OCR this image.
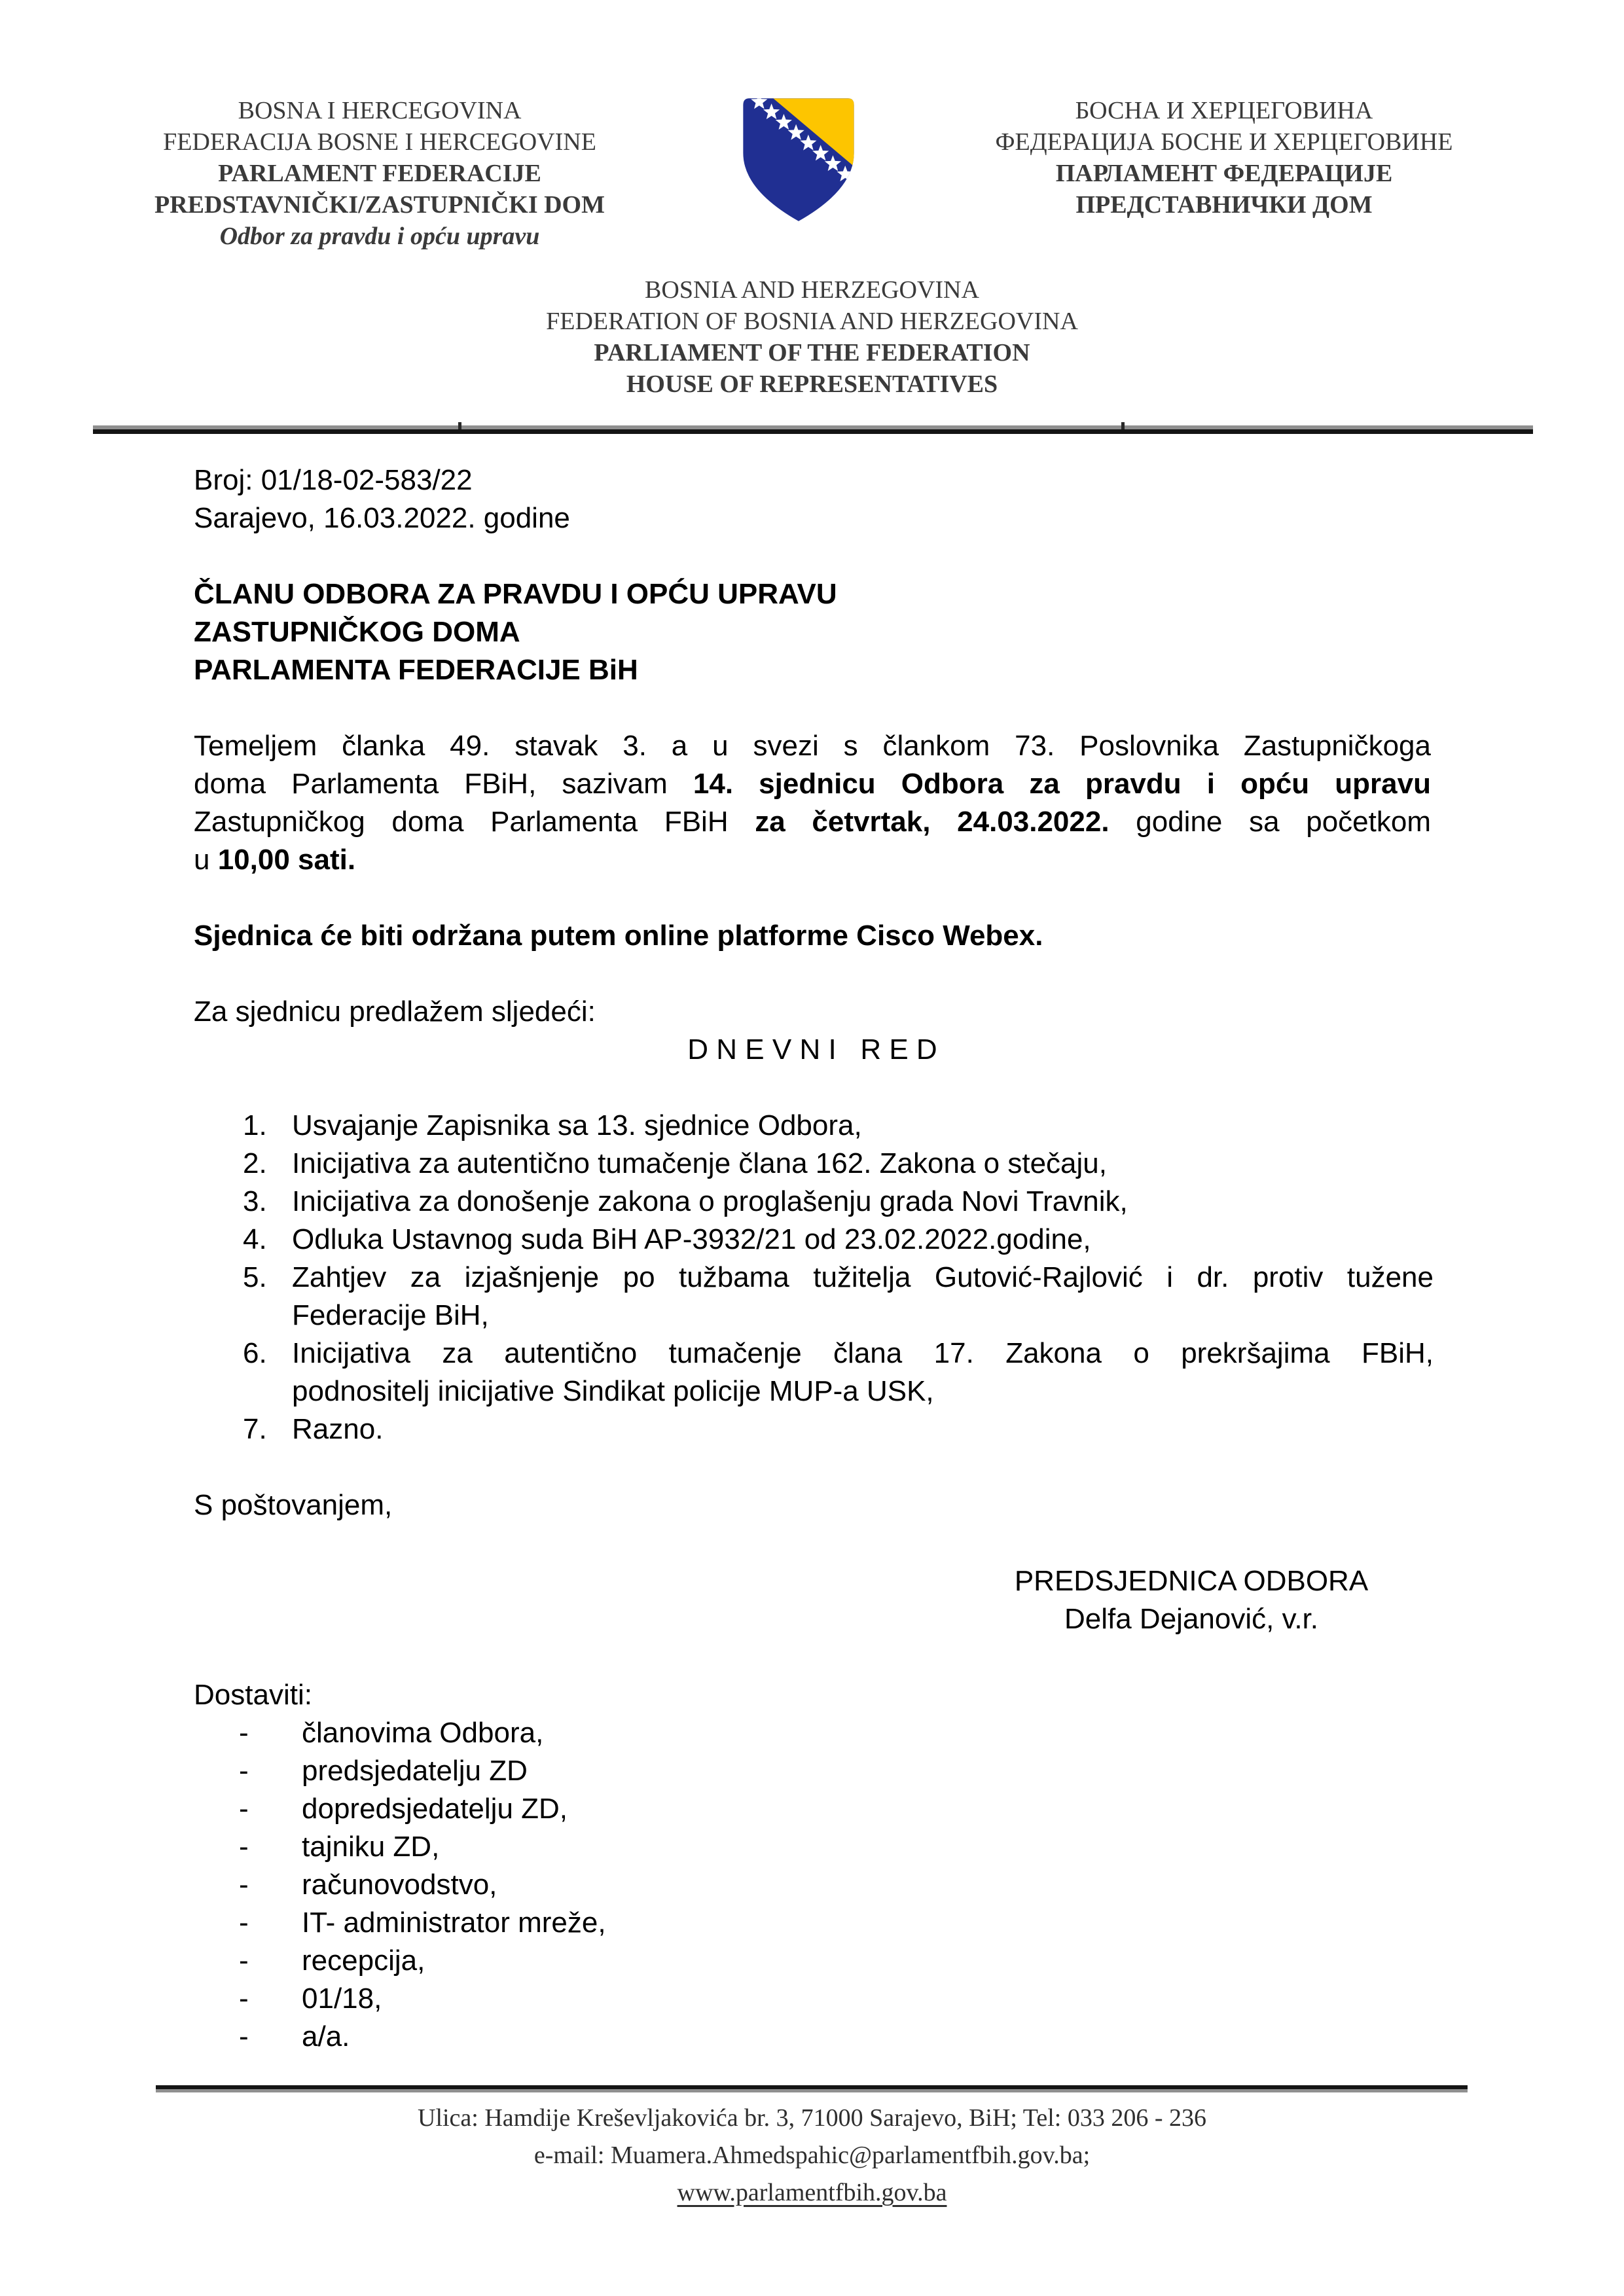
BOSNA I HERCEGOVINA
FEDERACIJA BOSNE I HERCEGOVINE
PARLAMENT FEDERACIJE
PREDSTAVNIČKI/ZASTUPNIČKI DOM
Odbor za pravdu i opću upravu
БОСНА И ХЕРЦЕГОВИНА
ФЕДЕРАЦИЈА БОСНЕ И ХЕРЦЕГОВИНЕ
ПАРЛАМЕНТ ФЕДЕРАЦИЈЕ
ПРЕДСТАВНИЧКИ ДОМ
BOSNIA AND HERZEGOVINA
FEDERATION OF BOSNIA AND HERZEGOVINA
PARLIAMENT OF THE FEDERATION
HOUSE OF REPRESENTATIVES
Broj: 01/18-02-583/22
Sarajevo, 16.03.2022. godine
ČLANU ODBORA ZA PRAVDU I OPĆU UPRAVU
ZASTUPNIČKOG DOMA
PARLAMENTA FEDERACIJE BiH
Temeljem članka 49. stavak 3. a u svezi s člankom 73. Poslovnika Zastupničkoga
doma Parlamenta FBiH, sazivam 14. sjednicu Odbora za pravdu i opću upravu
Zastupničkog doma Parlamenta FBiH za četvrtak, 24.03.2022. godine sa početkom
u 10,00 sati.
Sjednica će biti održana putem online platforme Cisco Webex.
Za sjednicu predlažem sljedeći:
D N E V N I   R E D
1. Usvajanje Zapisnika sa 13. sjednice Odbora,
2. Inicijativa za autentično tumačenje člana 162. Zakona o stečaju,
3. Inicijativa za donošenje zakona o proglašenju grada Novi Travnik,
4. Odluka Ustavnog suda BiH AP-3932/21 od 23.02.2022.godine,
5. Zahtjev za izjašnjenje po tužbama tužitelja Gutović-Rajlović i dr. protiv tužene
Federacije BiH,
6. Inicijativa za autentično tumačenje člana 17. Zakona o prekršajima FBiH,
podnositelj inicijative Sindikat policije MUP-a USK,
7. Razno.
S poštovanjem,
PREDSJEDNICA ODBORA
Delfa Dejanović, v.r.
Dostaviti:
- članovima Odbora,
- predsjedatelju ZD
- dopredsjedatelju ZD,
- tajniku ZD,
- računovodstvo,
- IT- administrator mreže,
- recepcija,
- 01/18,
- a/a.
Ulica: Hamdije Kreševljakovića br. 3, 71000 Sarajevo, BiH; Tel: 033 206 - 236
e-mail: Muamera.Ahmedspahic@parlamentfbih.gov.ba;
www.parlamentfbih.gov.ba
